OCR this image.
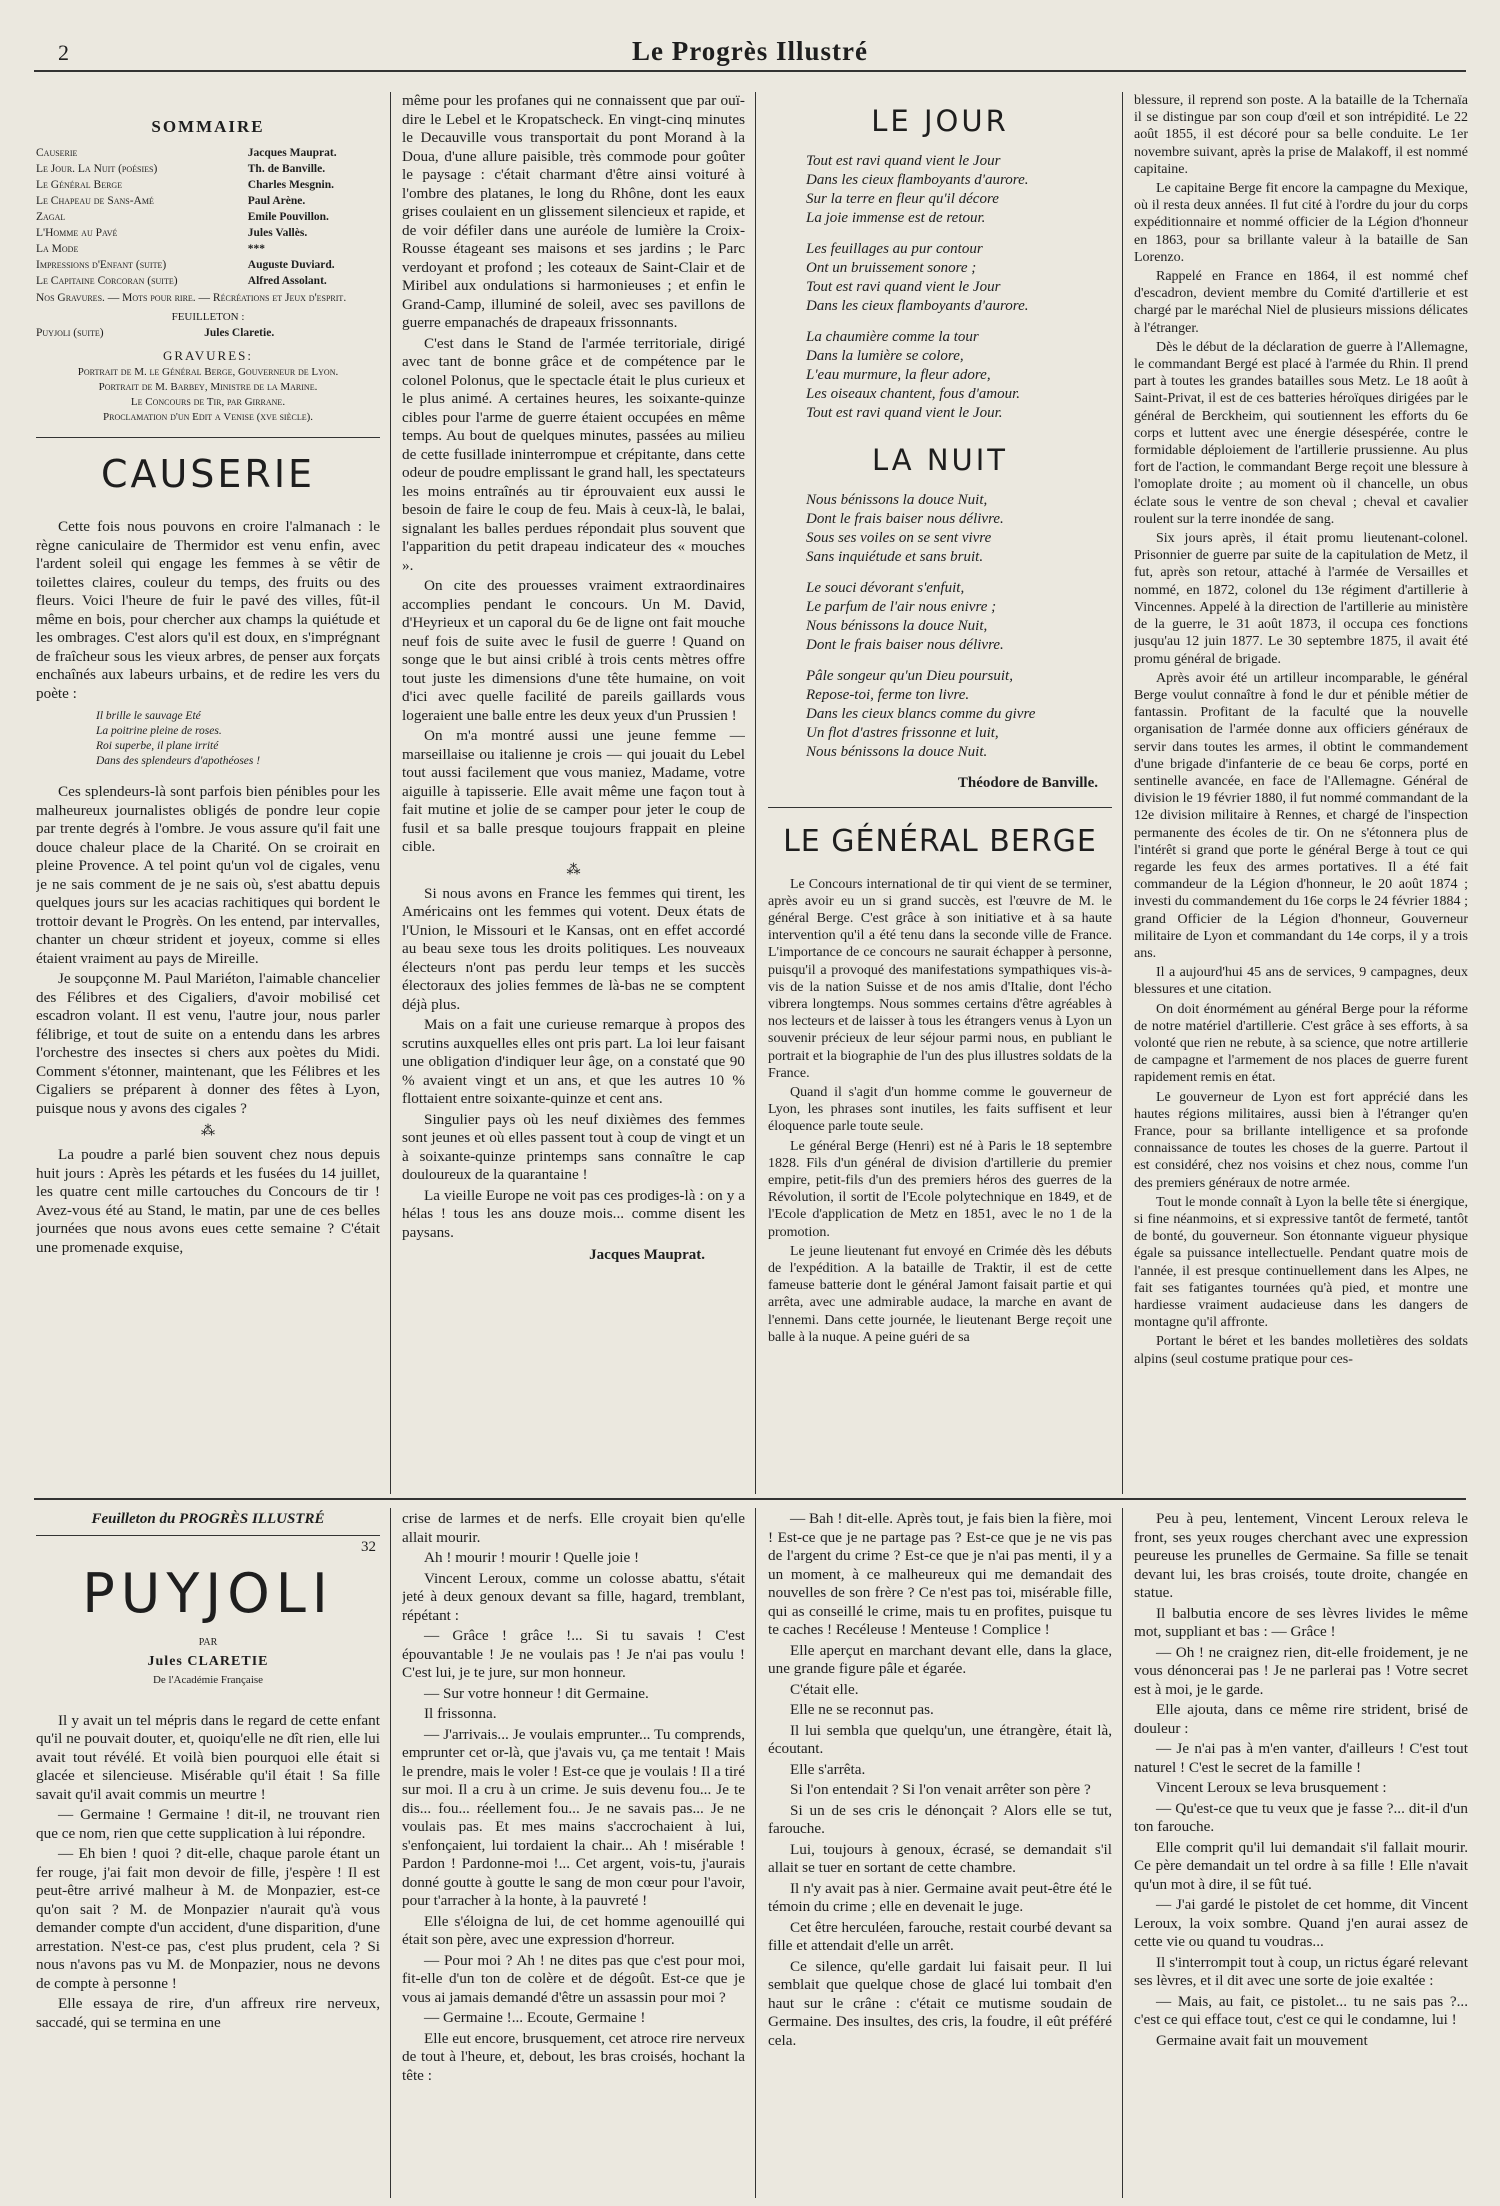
2	Le Progrès Illustré
SOMMAIRE
Causerie	Jacques Mauprat.
Le Jour. La Nuit (poésies)	Th. de Banville.
Le Général Berge	Charles Mesgnin.
Le Chapeau de Sans-Amé	Paul Arène.
Zagal	Emile Pouvillon.
L'Homme au Pavé	Jules Vallès.
La Mode	***
Impressions d'Enfant (suite)	Auguste Duviard.
Le Capitaine Corcoran (suite)	Alfred Assolant.
Nos Gravures. — Mots pour rire. — Récréations et Jeux d'esprit.
FEUILLETON :
Puyjoli (suite)	Jules Claretie.
GRAVURES:
Portrait de M. le Général Berge, Gouverneur de Lyon.
Portrait de M. Barbey, Ministre de la Marine.
Le Concours de Tir, par Girrane.
Proclamation d'un Edit a Venise (xve siècle).
CAUSERIE

Cette fois nous pouvons en croire l'almanach : le règne caniculaire de Thermidor est venu enfin, avec l'ardent soleil qui engage les femmes à se vêtir de toilettes claires, couleur du temps, des fruits ou des fleurs. Voici l'heure de fuir le pavé des villes, fût-il même en bois, pour chercher aux champs la quiétude et les ombrages. C'est alors qu'il est doux, en s'imprégnant de fraîcheur sous les vieux arbres, de penser aux forçats enchaînés aux labeurs urbains, et de redire les vers du poète :

Il brille le sauvage Eté
La poitrine pleine de roses.
Roi superbe, il plane irrité
Dans des splendeurs d'apothéoses !

Ces splendeurs-là sont parfois bien pénibles pour les malheureux journalistes obligés de pondre leur copie par trente degrés à l'ombre. Je vous assure qu'il fait une douce chaleur place de la Charité. On se croirait en pleine Provence. A tel point qu'un vol de cigales, venu je ne sais comment de je ne sais où, s'est abattu depuis quelques jours sur les acacias rachitiques qui bordent le trottoir devant le Progrès. On les entend, par intervalles, chanter un chœur strident et joyeux, comme si elles étaient vraiment au pays de Mireille.

Je soupçonne M. Paul Mariéton, l'aimable chancelier des Félibres et des Cigaliers, d'avoir mobilisé cet escadron volant. Il est venu, l'autre jour, nous parler félibrige, et tout de suite on a entendu dans les arbres l'orchestre des insectes si chers aux poètes du Midi. Comment s'étonner, maintenant, que les Félibres et les Cigaliers se préparent à donner des fêtes à Lyon, puisque nous y avons des cigales ?

⁂

La poudre a parlé bien souvent chez nous depuis huit jours : Après les pétards et les fusées du 14 juillet, les quatre cent mille cartouches du Concours de tir ! Avez-vous été au Stand, le matin, par une de ces belles journées que nous avons eues cette semaine ? C'était une promenade exquise,

même pour les profanes qui ne connaissent que par ouï-dire le Lebel et le Kropatscheck. En vingt-cinq minutes le Decauville vous transportait du pont Morand à la Doua, d'une allure paisible, très commode pour goûter le paysage : c'était charmant d'être ainsi voituré à l'ombre des platanes, le long du Rhône, dont les eaux grises coulaient en un glissement silencieux et rapide, et de voir défiler dans une auréole de lumière la Croix-Rousse étageant ses maisons et ses jardins ; le Parc verdoyant et profond ; les coteaux de Saint-Clair et de Miribel aux ondulations si harmonieuses ; et enfin le Grand-Camp, illuminé de soleil, avec ses pavillons de guerre empanachés de drapeaux frissonnants.

C'est dans le Stand de l'armée territoriale, dirigé avec tant de bonne grâce et de compétence par le colonel Polonus, que le spectacle était le plus curieux et le plus animé. A certaines heures, les soixante-quinze cibles pour l'arme de guerre étaient occupées en même temps. Au bout de quelques minutes, passées au milieu de cette fusillade ininterrompue et crépitante, dans cette odeur de poudre emplissant le grand hall, les spectateurs les moins entraînés au tir éprouvaient eux aussi le besoin de faire le coup de feu. Mais à ceux-là, le balai, signalant les balles perdues répondait plus souvent que l'apparition du petit drapeau indicateur des « mouches ».

On cite des prouesses vraiment extraordinaires accomplies pendant le concours. Un M. David, d'Heyrieux et un caporal du 6e de ligne ont fait mouche neuf fois de suite avec le fusil de guerre ! Quand on songe que le but ainsi criblé à trois cents mètres offre tout juste les dimensions d'une tête humaine, on voit d'ici avec quelle facilité de pareils gaillards vous logeraient une balle entre les deux yeux d'un Prussien !

On m'a montré aussi une jeune femme — marseillaise ou italienne je crois — qui jouait du Lebel tout aussi facilement que vous maniez, Madame, votre aiguille à tapisserie. Elle avait même une façon tout à fait mutine et jolie de se camper pour jeter le coup de fusil et sa balle presque toujours frappait en pleine cible.

⁂

Si nous avons en France les femmes qui tirent, les Américains ont les femmes qui votent. Deux états de l'Union, le Missouri et le Kansas, ont en effet accordé au beau sexe tous les droits politiques. Les nouveaux électeurs n'ont pas perdu leur temps et les succès électoraux des jolies femmes de là-bas ne se comptent déjà plus.

Mais on a fait une curieuse remarque à propos des scrutins auxquelles elles ont pris part. La loi leur faisant une obligation d'indiquer leur âge, on a constaté que 90 % avaient vingt et un ans, et que les autres 10 % flottaient entre soixante-quinze et cent ans.

Singulier pays où les neuf dixièmes des femmes sont jeunes et où elles passent tout à coup de vingt et un à soixante-quinze printemps sans connaître le cap douloureux de la quarantaine !

La vieille Europe ne voit pas ces prodiges-là : on y a hélas ! tous les ans douze mois... comme disent les paysans.

Jacques Mauprat.
LE JOUR
Tout est ravi quand vient le Jour
Dans les cieux flamboyants d'aurore.
Sur la terre en fleur qu'il décore
La joie immense est de retour.
Les feuillages au pur contour
Ont un bruissement sonore ;
Tout est ravi quand vient le Jour
Dans les cieux flamboyants d'aurore.
La chaumière comme la tour
Dans la lumière se colore,
L'eau murmure, la fleur adore,
Les oiseaux chantent, fous d'amour.
Tout est ravi quand vient le Jour.
LA NUIT
Nous bénissons la douce Nuit,
Dont le frais baiser nous délivre.
Sous ses voiles on se sent vivre
Sans inquiétude et sans bruit.
Le souci dévorant s'enfuit,
Le parfum de l'air nous enivre ;
Nous bénissons la douce Nuit,
Dont le frais baiser nous délivre.
Pâle songeur qu'un Dieu poursuit,
Repose-toi, ferme ton livre.
Dans les cieux blancs comme du givre
Un flot d'astres frissonne et luit,
Nous bénissons la douce Nuit.
Théodore de Banville.
LE GÉNÉRAL BERGE

Le Concours international de tir qui vient de se terminer, après avoir eu un si grand succès, est l'œuvre de M. le général Berge. C'est grâce à son initiative et à sa haute intervention qu'il a été tenu dans la seconde ville de France. L'importance de ce concours ne saurait échapper à personne, puisqu'il a provoqué des manifestations sympathiques vis-à-vis de la nation Suisse et de nos amis d'Italie, dont l'écho vibrera longtemps. Nous sommes certains d'être agréables à nos lecteurs et de laisser à tous les étrangers venus à Lyon un souvenir précieux de leur séjour parmi nous, en publiant le portrait et la biographie de l'un des plus illustres soldats de la France.

Quand il s'agit d'un homme comme le gouverneur de Lyon, les phrases sont inutiles, les faits suffisent et leur éloquence parle toute seule.

Le général Berge (Henri) est né à Paris le 18 septembre 1828. Fils d'un général de division d'artillerie du premier empire, petit-fils d'un des premiers héros des guerres de la Révolution, il sortit de l'Ecole polytechnique en 1849, et de l'Ecole d'application de Metz en 1851, avec le no 1 de la promotion.

Le jeune lieutenant fut envoyé en Crimée dès les débuts de l'expédition. A la bataille de Traktir, il est de cette fameuse batterie dont le général Jamont faisait partie et qui arrêta, avec une admirable audace, la marche en avant de l'ennemi. Dans cette journée, le lieutenant Berge reçoit une balle à la nuque. A peine guéri de sa

blessure, il reprend son poste. A la bataille de la Tchernaïa il se distingue par son coup d'œil et son intrépidité. Le 22 août 1855, il est décoré pour sa belle conduite. Le 1er novembre suivant, après la prise de Malakoff, il est nommé capitaine.

Le capitaine Berge fit encore la campagne du Mexique, où il resta deux années. Il fut cité à l'ordre du jour du corps expéditionnaire et nommé officier de la Légion d'honneur en 1863, pour sa brillante valeur à la bataille de San Lorenzo.

Rappelé en France en 1864, il est nommé chef d'escadron, devient membre du Comité d'artillerie et est chargé par le maréchal Niel de plusieurs missions délicates à l'étranger.

Dès le début de la déclaration de guerre à l'Allemagne, le commandant Bergé est placé à l'armée du Rhin. Il prend part à toutes les grandes batailles sous Metz. Le 18 août à Saint-Privat, il est de ces batteries héroïques dirigées par le général de Berckheim, qui soutiennent les efforts du 6e corps et luttent avec une énergie désespérée, contre le formidable déploiement de l'artillerie prussienne. Au plus fort de l'action, le commandant Berge reçoit une blessure à l'omoplate droite ; au moment où il chancelle, un obus éclate sous le ventre de son cheval ; cheval et cavalier roulent sur la terre inondée de sang.

Six jours après, il était promu lieutenant-colonel. Prisonnier de guerre par suite de la capitulation de Metz, il fut, après son retour, attaché à l'armée de Versailles et nommé, en 1872, colonel du 13e régiment d'artillerie à Vincennes. Appelé à la direction de l'artillerie au ministère de la guerre, le 31 août 1873, il occupa ces fonctions jusqu'au 12 juin 1877. Le 30 septembre 1875, il avait été promu général de brigade.

Après avoir été un artilleur incomparable, le général Berge voulut connaître à fond le dur et pénible métier de fantassin. Profitant de la faculté que la nouvelle organisation de l'armée donne aux officiers généraux de servir dans toutes les armes, il obtint le commandement d'une brigade d'infanterie de ce beau 6e corps, porté en sentinelle avancée, en face de l'Allemagne. Général de division le 19 février 1880, il fut nommé commandant de la 12e division militaire à Rennes, et chargé de l'inspection permanente des écoles de tir. On ne s'étonnera plus de l'intérêt si grand que porte le général Berge à tout ce qui regarde les feux des armes portatives. Il a été fait commandeur de la Légion d'honneur, le 20 août 1874 ; investi du commandement du 16e corps le 24 février 1884 ; grand Officier de la Légion d'honneur, Gouverneur militaire de Lyon et commandant du 14e corps, il y a trois ans.

Il a aujourd'hui 45 ans de services, 9 campagnes, deux blessures et une citation.

On doit énormément au général Berge pour la réforme de notre matériel d'artillerie. C'est grâce à ses efforts, à sa volonté que rien ne rebute, à sa science, que notre artillerie de campagne et l'armement de nos places de guerre furent rapidement remis en état.

Le gouverneur de Lyon est fort apprécié dans les hautes régions militaires, aussi bien à l'étranger qu'en France, pour sa brillante intelligence et sa profonde connaissance de toutes les choses de la guerre. Partout il est considéré, chez nos voisins et chez nous, comme l'un des premiers généraux de notre armée.

Tout le monde connaît à Lyon la belle tête si énergique, si fine néanmoins, et si expressive tantôt de fermeté, tantôt de bonté, du gouverneur. Son étonnante vigueur physique égale sa puissance intellectuelle. Pendant quatre mois de l'année, il est presque continuellement dans les Alpes, ne fait ses fatigantes tournées qu'à pied, et montre une hardiesse vraiment audacieuse dans les dangers de montagne qu'il affronte.

Portant le béret et les bandes molletières des soldats alpins (seul costume pratique pour ces-

Feuilleton du PROGRÈS ILLUSTRÉ
32
PUYJOLI
PAR
Jules CLARETIE
De l'Académie Française

Il y avait un tel mépris dans le regard de cette enfant qu'il ne pouvait douter, et, quoiqu'elle ne dît rien, elle lui avait tout révélé. Et voilà bien pourquoi elle était si glacée et silencieuse. Misérable qu'il était ! Sa fille savait qu'il avait commis un meurtre !

— Germaine ! Germaine ! dit-il, ne trouvant rien que ce nom, rien que cette supplication à lui répondre.

— Eh bien ! quoi ? dit-elle, chaque parole étant un fer rouge, j'ai fait mon devoir de fille, j'espère ! Il est peut-être arrivé malheur à M. de Monpazier, est-ce qu'on sait ? M. de Monpazier n'aurait qu'à vous demander compte d'un accident, d'une disparition, d'une arrestation. N'est-ce pas, c'est plus prudent, cela ? Si nous n'avons pas vu M. de Monpazier, nous ne devons de compte à personne !

Elle essaya de rire, d'un affreux rire nerveux, saccadé, qui se termina en une

crise de larmes et de nerfs. Elle croyait bien qu'elle allait mourir.

Ah ! mourir ! mourir ! Quelle joie !

Vincent Leroux, comme un colosse abattu, s'était jeté à deux genoux devant sa fille, hagard, tremblant, répétant :

— Grâce ! grâce !... Si tu savais ! C'est épouvantable ! Je ne voulais pas ! Je n'ai pas voulu ! C'est lui, je te jure, sur mon honneur.

— Sur votre honneur ! dit Germaine.

Il frissonna.

— J'arrivais... Je voulais emprunter... Tu comprends, emprunter cet or-là, que j'avais vu, ça me tentait ! Mais le prendre, mais le voler ! Est-ce que je voulais ! Il a tiré sur moi. Il a cru à un crime. Je suis devenu fou... Je te dis... fou... réellement fou... Je ne savais pas... Je ne voulais pas. Et mes mains s'accrochaient à lui, s'enfonçaient, lui tordaient la chair... Ah ! misérable ! Pardon ! Pardonne-moi !... Cet argent, vois-tu, j'aurais donné goutte à goutte le sang de mon cœur pour l'avoir, pour t'arracher à la honte, à la pauvreté !

Elle s'éloigna de lui, de cet homme agenouillé qui était son père, avec une expression d'horreur.

— Pour moi ? Ah ! ne dites pas que c'est pour moi, fit-elle d'un ton de colère et de dégoût. Est-ce que je vous ai jamais demandé d'être un assassin pour moi ?

— Germaine !... Ecoute, Germaine !

Elle eut encore, brusquement, cet atroce rire nerveux de tout à l'heure, et, debout, les bras croisés, hochant la tête :

— Bah ! dit-elle. Après tout, je fais bien la fière, moi ! Est-ce que je ne partage pas ? Est-ce que je ne vis pas de l'argent du crime ? Est-ce que je n'ai pas menti, il y a un moment, à ce malheureux qui me demandait des nouvelles de son frère ? Ce n'est pas toi, misérable fille, qui as conseillé le crime, mais tu en profites, puisque tu te caches ! Recéleuse ! Menteuse ! Complice !

Elle aperçut en marchant devant elle, dans la glace, une grande figure pâle et égarée.

C'était elle.

Elle ne se reconnut pas.

Il lui sembla que quelqu'un, une étrangère, était là, écoutant.

Elle s'arrêta.

Si l'on entendait ? Si l'on venait arrêter son père ?

Si un de ses cris le dénonçait ? Alors elle se tut, farouche.

Lui, toujours à genoux, écrasé, se demandait s'il allait se tuer en sortant de cette chambre.

Il n'y avait pas à nier. Germaine avait peut-être été le témoin du crime ; elle en devenait le juge.

Cet être herculéen, farouche, restait courbé devant sa fille et attendait d'elle un arrêt.

Ce silence, qu'elle gardait lui faisait peur. Il lui semblait que quelque chose de glacé lui tombait d'en haut sur le crâne : c'était ce mutisme soudain de Germaine. Des insultes, des cris, la foudre, il eût préféré cela.

Peu à peu, lentement, Vincent Leroux releva le front, ses yeux rouges cherchant avec une expression peureuse les prunelles de Germaine. Sa fille se tenait devant lui, les bras croisés, toute droite, changée en statue.

Il balbutia encore de ses lèvres livides le même mot, suppliant et bas : — Grâce !

— Oh ! ne craignez rien, dit-elle froidement, je ne vous dénoncerai pas ! Je ne parlerai pas ! Votre secret est à moi, je le garde.

Elle ajouta, dans ce même rire strident, brisé de douleur :

— Je n'ai pas à m'en vanter, d'ailleurs ! C'est tout naturel ! C'est le secret de la famille !

Vincent Leroux se leva brusquement :

— Qu'est-ce que tu veux que je fasse ?... dit-il d'un ton farouche.

Elle comprit qu'il lui demandait s'il fallait mourir. Ce père demandait un tel ordre à sa fille ! Elle n'avait qu'un mot à dire, il se fût tué.

— J'ai gardé le pistolet de cet homme, dit Vincent Leroux, la voix sombre. Quand j'en aurai assez de cette vie ou quand tu voudras...

Il s'interrompit tout à coup, un rictus égaré relevant ses lèvres, et il dit avec une sorte de joie exaltée :

— Mais, au fait, ce pistolet... tu ne sais pas ?... c'est ce qui efface tout, c'est ce qui le condamne, lui !

Germaine avait fait un mouvement
